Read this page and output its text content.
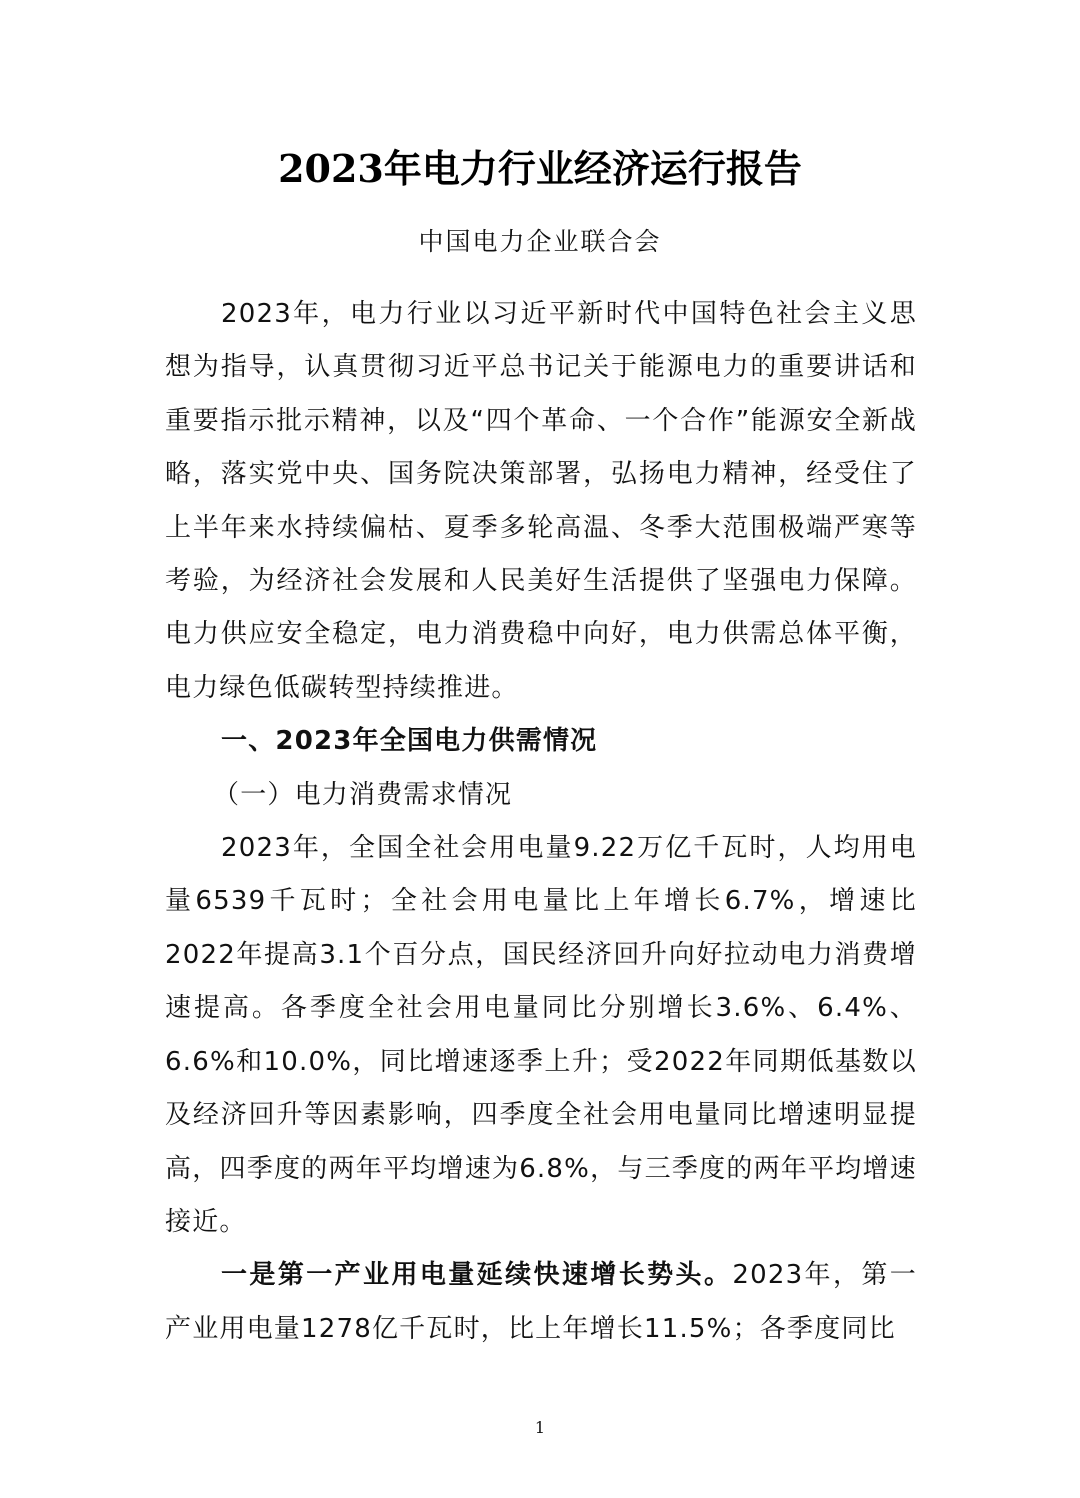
2023年电力行业经济运行报告
中国电力企业联合会

2023年，电力行业以习近平新时代中国特色社会主义思想为指导，认真贯彻习近平总书记关于能源电力的重要讲话和重要指示批示精神，以及“四个革命、一个合作”能源安全新战略，落实党中央、国务院决策部署，弘扬电力精神，经受住了上半年来水持续偏枯、夏季多轮高温、冬季大范围极端严寒等考验，为经济社会发展和人民美好生活提供了坚强电力保障。电力供应安全稳定，电力消费稳中向好，电力供需总体平衡，电力绿色低碳转型持续推进。

一、2023年全国电力供需情况

（一）电力消费需求情况

2023年，全国全社会用电量9.22万亿千瓦时，人均用电量6539千瓦时；全社会用电量比上年增长6.7%，增速比2022年提高3.1个百分点，国民经济回升向好拉动电力消费增速提高。各季度全社会用电量同比分别增长3.6%、6.4%、6.6%和10.0%，同比增速逐季上升；受2022年同期低基数以及经济回升等因素影响，四季度全社会用电量同比增速明显提高，四季度的两年平均增速为6.8%，与三季度的两年平均增速接近。

一是第一产业用电量延续快速增长势头。2023年，第一产业用电量1278亿千瓦时，比上年增长11.5%；各季度同比

1
